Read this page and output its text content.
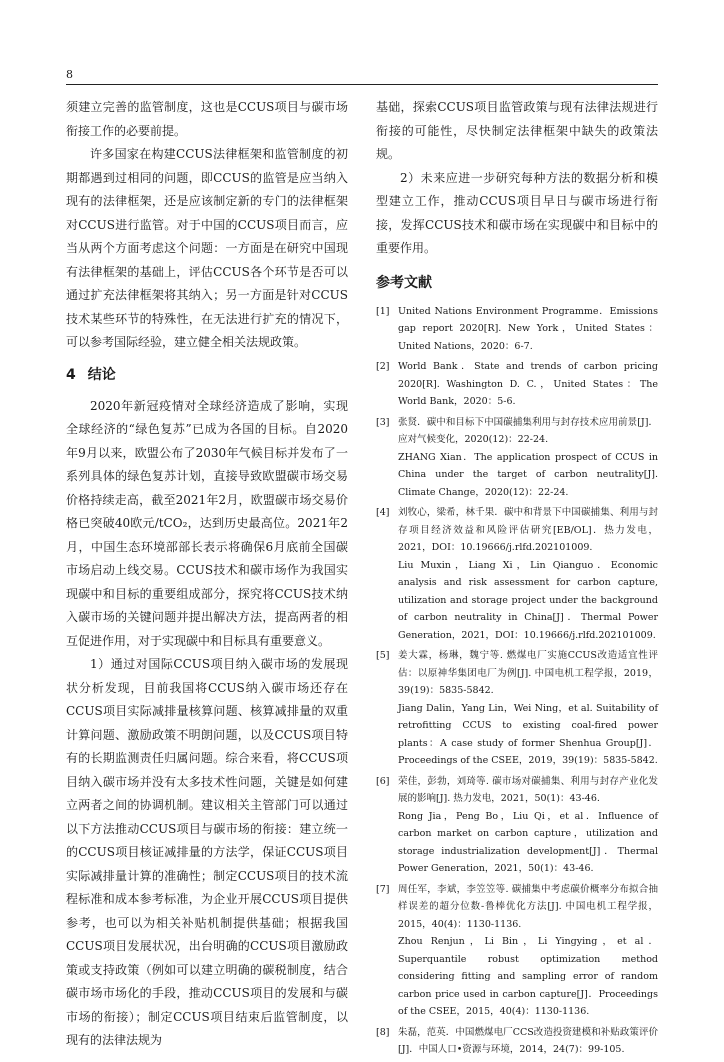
8

须建立完善的监管制度，这也是CCUS项目与碳市场衔接工作的必要前提。

许多国家在构建CCUS法律框架和监管制度的初期都遇到过相同的问题，即CCUS的监管是应当纳入现有的法律框架，还是应该制定新的专门的法律框架对CCUS进行监管。对于中国的CCUS项目而言，应当从两个方面考虑这个问题：一方面是在研究中国现有法律框架的基础上，评估CCUS各个环节是否可以通过扩充法律框架将其纳入；另一方面是针对CCUS技术某些环节的特殊性，在无法进行扩充的情况下，可以参考国际经验，建立健全相关法规政策。

4 结论

2020年新冠疫情对全球经济造成了影响，实现全球经济的“绿色复苏”已成为各国的目标。自2020年9月以来，欧盟公布了2030年气候目标并发布了一系列具体的绿色复苏计划，直接导致欧盟碳市场交易价格持续走高，截至2021年2月，欧盟碳市场交易价格已突破40欧元/tCO₂，达到历史最高位。2021年2月，中国生态环境部部长表示将确保6月底前全国碳市场启动上线交易。CCUS技术和碳市场作为我国实现碳中和目标的重要组成部分，探究将CCUS技术纳入碳市场的关键问题并提出解决方法，提高两者的相互促进作用，对于实现碳中和目标具有重要意义。

1）通过对国际CCUS项目纳入碳市场的发展现状分析发现，目前我国将CCUS纳入碳市场还存在CCUS项目实际减排量核算问题、核算减排量的双重计算问题、激励政策不明朗问题，以及CCUS项目特有的长期监测责任归属问题。综合来看，将CCUS项目纳入碳市场并没有太多技术性问题，关键是如何建立两者之间的协调机制。建议相关主管部门可以通过以下方法推动CCUS项目与碳市场的衔接：建立统一的CCUS项目核证减排量的方法学，保证CCUS项目实际减排量计算的准确性；制定CCUS项目的技术流程标准和成本参考标准，为企业开展CCUS项目提供参考，也可以为相关补贴机制提供基础；根据我国CCUS项目发展状况，出台明确的CCUS项目激励政策或支持政策（例如可以建立明确的碳税制度，结合碳市场市场化的手段，推动CCUS项目的发展和与碳市场的衔接）；制定CCUS项目结束后监管制度，以现有的法律法规为

基础，探索CCUS项目监管政策与现有法律法规进行衔接的可能性，尽快制定法律框架中缺失的政策法规。

2）未来应进一步研究每种方法的数据分析和模型建立工作，推动CCUS项目早日与碳市场进行衔接，发挥CCUS技术和碳市场在实现碳中和目标中的重要作用。

参考文献
[1] United Nations Environment Programme．Emissions gap report 2020[R]. New York，United States：United Nations，2020：6-7.
[2] World Bank．State and trends of carbon pricing 2020[R]. Washington D. C.，United States：The World Bank，2020：5-6.
[3] 张贤．碳中和目标下中国碳捕集利用与封存技术应用前景[J]．应对气候变化，2020(12)：22-24.
ZHANG Xian．The application prospect of CCUS in China under the target of carbon neutrality[J]. Climate Change，2020(12)：22-24.
[4] 刘牧心，梁希，林千果．碳中和背景下中国碳捕集、利用与封存项目经济效益和风险评估研究[EB/OL]．热力发电，2021，DOI：10.19666/j.rlfd.202101009.
Liu Muxin，Liang Xi，Lin Qianguo．Economic analysis and risk assessment for carbon capture, utilization and storage project under the background of carbon neutrality in China[J]．Thermal Power Generation，2021，DOI：10.19666/j.rlfd.202101009.
[5] 姜大霖，杨琳，魏宁等. 燃煤电厂实施CCUS改造适宜性评估：以原神华集团电厂为例[J]. 中国电机工程学报，2019，39(19)：5835-5842.
Jiang Dalin，Yang Lin，Wei Ning，et al. Suitability of retrofitting CCUS to existing coal-fired power plants：A case study of former Shenhua Group[J]．Proceedings of the CSEE，2019，39(19)：5835-5842.
[6] 荣佳，彭勃，刘琦等. 碳市场对碳捕集、利用与封存产业化发展的影响[J]. 热力发电，2021，50(1)：43-46.
Rong Jia，Peng Bo，Liu Qi，et al．Influence of carbon market on carbon capture，utilization and storage industrialization development[J]．Thermal Power Generation，2021，50(1)：43-46.
[7] 周任军，李斌，李笠笠等. 碳捕集中考虑碳价概率分布拟合抽样误差的超分位数-鲁棒优化方法[J]. 中国电机工程学报，2015，40(4)：1130-1136.
Zhou Renjun，Li Bin，Li Yingying，et al．Superquantile robust optimization method considering fitting and sampling error of random carbon price used in carbon capture[J]．Proceedings of the CSEE，2015，40(4)：1130-1136.
[8] 朱磊，范英．中国燃煤电厂CCS改造投资建模和补贴政策评价[J]．中国人口•资源与环境，2014，24(7)：99-105.
